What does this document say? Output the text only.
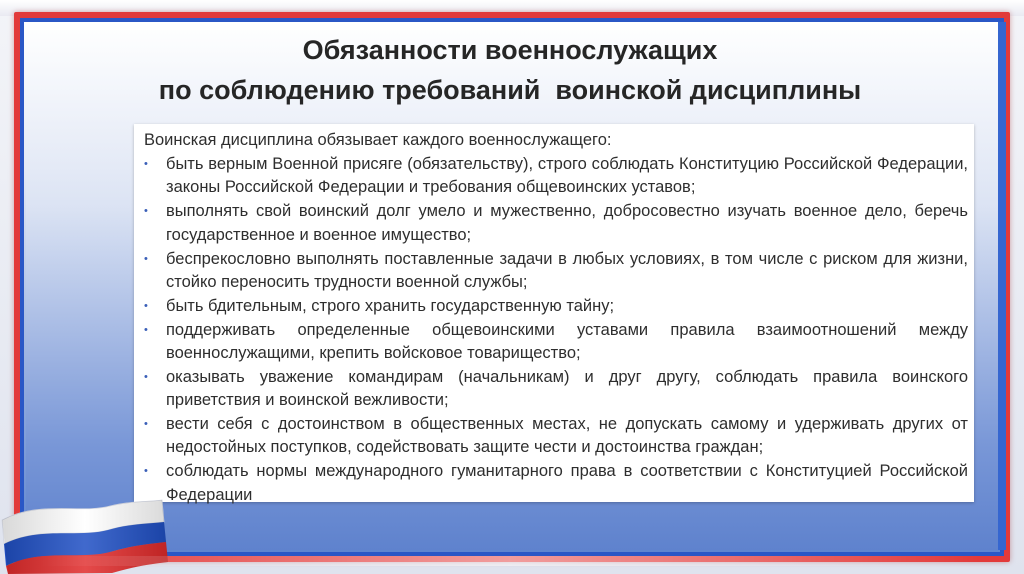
Обязанности военнослужащих
по соблюдению требований  воинской дисциплины

Воинская дисциплина обязывает каждого военнослужащего:

•	быть верным Военной присяге (обязательству), строго соблюдать Конституцию Российской Федерации, законы Российской Федерации и требования общевоинских уставов;
•	выполнять свой воинский долг умело и мужественно, добросовестно изучать военное дело, беречь государственное и военное имущество;
•	беспрекословно выполнять поставленные задачи в любых условиях, в том числе с риском для жизни, стойко переносить трудности военной службы;
•	быть бдительным, строго хранить государственную тайну;
•	поддерживать определенные общевоинскими уставами правила взаимоотношений между военнослужащими, крепить войсковое товарищество;
•	оказывать уважение командирам (начальникам) и друг другу, соблюдать правила воинского приветствия и воинской вежливости;
•	вести себя с достоинством в общественных местах, не допускать самому и удерживать других от недостойных поступков, содействовать защите чести и достоинства граждан;
•	соблюдать нормы международного гуманитарного права в соответствии с Конституцией Российской Федерации
